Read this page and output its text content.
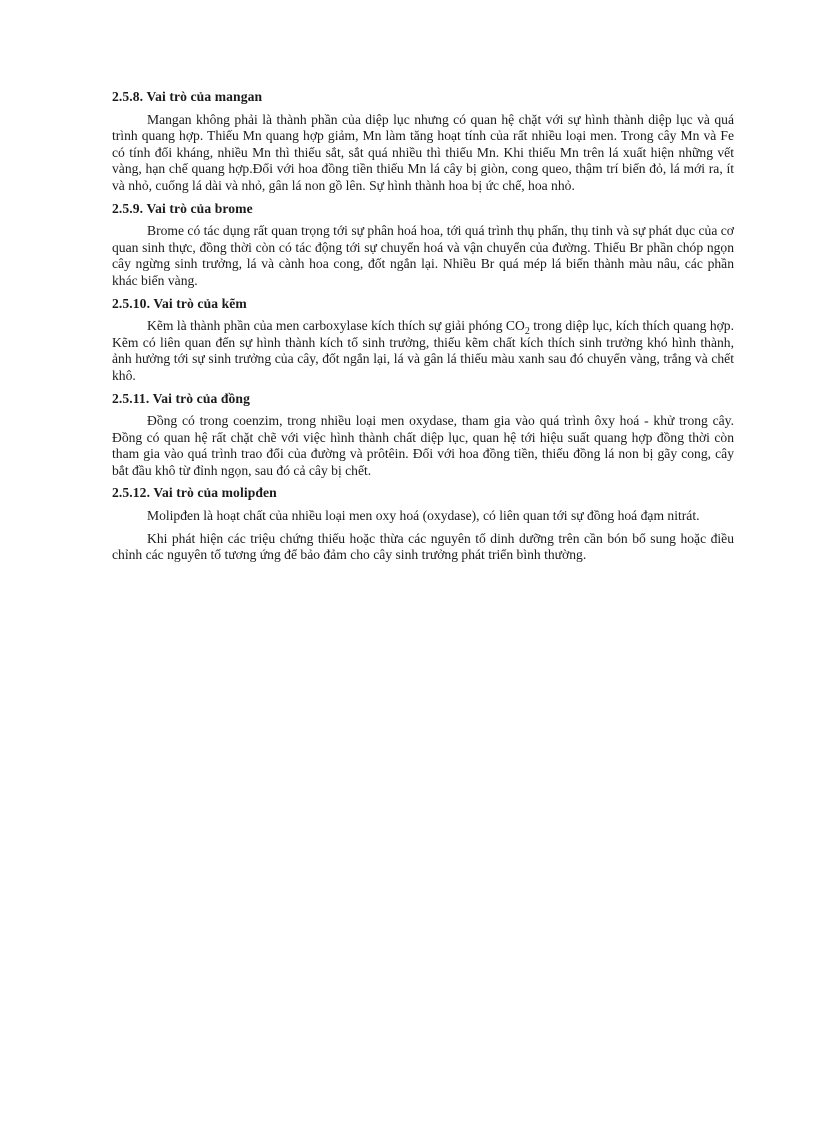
2.5.8. Vai trò của mangan

Mangan không phải là thành phần của diệp lục nhưng có quan hệ chặt với sự hình thành diệp lục và quá trình quang hợp. Thiếu Mn quang hợp giảm, Mn làm tăng hoạt tính của rất nhiều loại men. Trong cây Mn và Fe có tính đối kháng, nhiều Mn thì thiếu sắt, sắt quá nhiều thì thiếu Mn. Khi thiếu Mn trên lá xuất hiện những vết vàng, hạn chế quang hợp.Đối với hoa đồng tiền thiếu Mn lá cây bị giòn, cong queo, thậm trí biến đỏ, lá mới ra, ít và nhỏ, cuống lá dài và nhỏ, gân lá non gồ lên. Sự hình thành hoa bị ức chế, hoa nhỏ.

2.5.9. Vai trò của brome

Brome có tác dụng rất quan trọng tới sự phân hoá hoa, tới quá trình thụ phấn, thụ tinh và sự phát dục của cơ quan sinh thực, đồng thời còn có tác động tới sự chuyển hoá và vận chuyển của đường. Thiếu Br phần chóp ngọn cây ngừng sinh trưởng, lá và cành hoa cong, đốt ngắn lại. Nhiều Br quá mép lá biến thành màu nâu, các phần khác biến vàng.

2.5.10. Vai trò của kẽm

Kẽm là thành phần của men carboxylase kích thích sự giải phóng $CO_2$ trong diệp lục, kích thích quang hợp. Kẽm có liên quan đến sự hình thành kích tố sinh trưởng, thiếu kẽm chất kích thích sinh trưởng khó hình thành, ảnh hưởng tới sự sinh trưởng của cây, đốt ngắn lại, lá và gân lá thiếu màu xanh sau đó chuyển vàng, trắng và chết khô.

2.5.11. Vai trò của đồng

Đồng có trong coenzim, trong nhiều loại men oxydase, tham gia vào quá trình ôxy hoá - khử trong cây. Đồng có quan hệ rất chặt chẽ với việc hình thành chất diệp lục, quan hệ tới hiệu suất quang hợp đồng thời còn tham gia vào quá trình trao đổi của đường và prôtêin. Đối với hoa đồng tiền, thiếu đồng lá non bị gãy cong, cây bắt đầu khô từ đỉnh ngọn, sau đó cả cây bị chết.

2.5.12. Vai trò của molipđen

Molipđen là hoạt chất của nhiều loại men oxy hoá (oxydase), có liên quan tới sự đồng hoá đạm nitrát.

Khi phát hiện các triệu chứng thiếu hoặc thừa các nguyên tố dinh dưỡng trên cần bón bổ sung hoặc điều chỉnh các nguyên tố tương ứng để bảo đảm cho cây sinh trưởng phát triển bình thường.
